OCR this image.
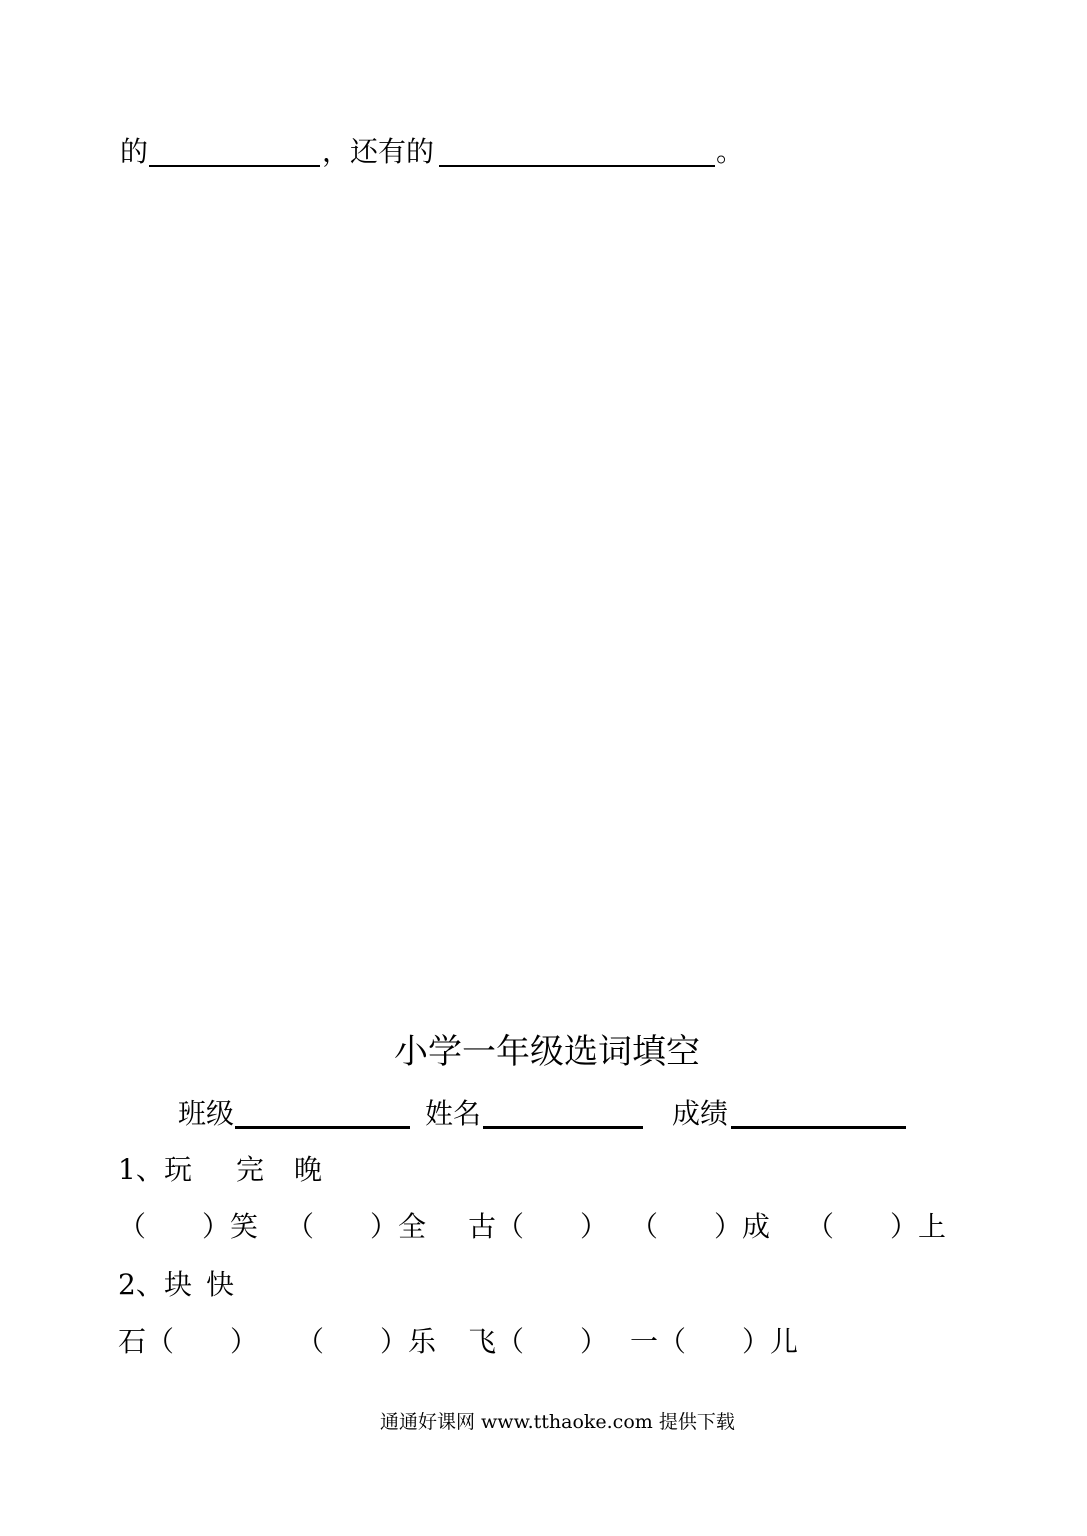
的	，还有的	。
小学一年级选词填空
班级	姓名	成绩
1、 玩 完 晚
（　　）笑 （　　）全 古（　　） （　　）成 （　　）上
2、 块 快
石（　　） （　　）乐 飞（　　） 一（　　）儿
通通好课网 www.tthaoke.com 提供下载
